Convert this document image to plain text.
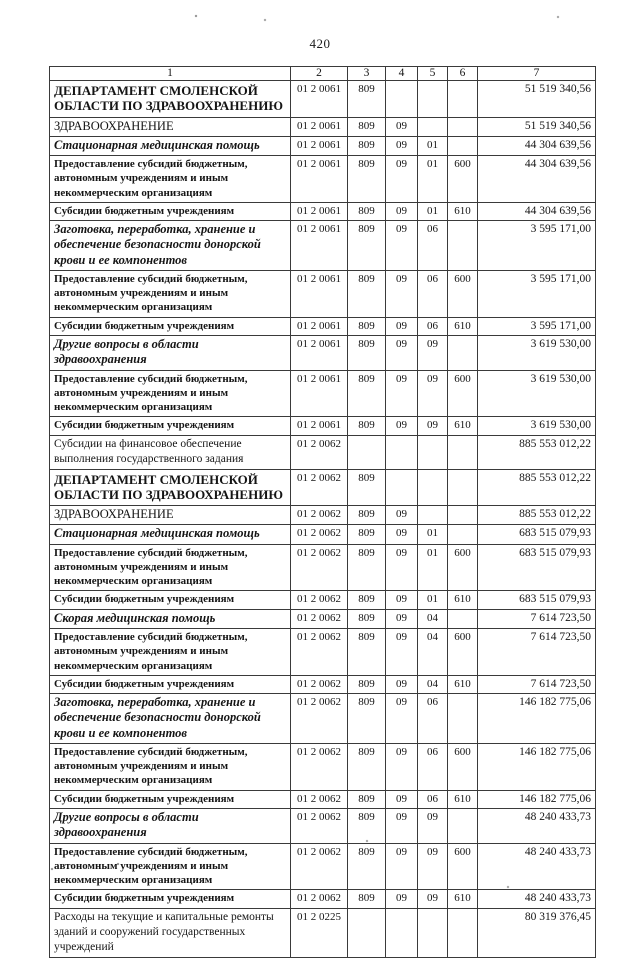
420
1	2	3	4	5	6	7
ДЕПАРТАМЕНТ СМОЛЕНСКОЙ ОБЛАСТИ ПО ЗДРАВООХРАНЕНИЮ	01 2 0061	809				51 519 340,56
ЗДРАВООХРАНЕНИЕ	01 2 0061	809	09			51 519 340,56
Стационарная медицинская помощь	01 2 0061	809	09	01		44 304 639,56
Предоставление субсидий бюджетным, автономным учреждениям и иным некоммерческим организациям	01 2 0061	809	09	01	600	44 304 639,56
Субсидии бюджетным учреждениям	01 2 0061	809	09	01	610	44 304 639,56
Заготовка, переработка, хранение и обеспечение безопасности донорской крови и ее компонентов	01 2 0061	809	09	06		3 595 171,00
Предоставление субсидий бюджетным, автономным учреждениям и иным некоммерческим организациям	01 2 0061	809	09	06	600	3 595 171,00
Субсидии бюджетным учреждениям	01 2 0061	809	09	06	610	3 595 171,00
Другие вопросы в области здравоохранения	01 2 0061	809	09	09		3 619 530,00
Предоставление субсидий бюджетным, автономным учреждениям и иным некоммерческим организациям	01 2 0061	809	09	09	600	3 619 530,00
Субсидии бюджетным учреждениям	01 2 0061	809	09	09	610	3 619 530,00
Субсидии на финансовое обеспечение выполнения государственного задания	01 2 0062					885 553 012,22
ДЕПАРТАМЕНТ СМОЛЕНСКОЙ ОБЛАСТИ ПО ЗДРАВООХРАНЕНИЮ	01 2 0062	809				885 553 012,22
ЗДРАВООХРАНЕНИЕ	01 2 0062	809	09			885 553 012,22
Стационарная медицинская помощь	01 2 0062	809	09	01		683 515 079,93
Предоставление субсидий бюджетным, автономным учреждениям и иным некоммерческим организациям	01 2 0062	809	09	01	600	683 515 079,93
Субсидии бюджетным учреждениям	01 2 0062	809	09	01	610	683 515 079,93
Скорая медицинская помощь	01 2 0062	809	09	04		7 614 723,50
Предоставление субсидий бюджетным, автономным учреждениям и иным некоммерческим организациям	01 2 0062	809	09	04	600	7 614 723,50
Субсидии бюджетным учреждениям	01 2 0062	809	09	04	610	7 614 723,50
Заготовка, переработка, хранение и обеспечение безопасности донорской крови и ее компонентов	01 2 0062	809	09	06		146 182 775,06
Предоставление субсидий бюджетным, автономным учреждениям и иным некоммерческим организациям	01 2 0062	809	09	06	600	146 182 775,06
Субсидии бюджетным учреждениям	01 2 0062	809	09	06	610	146 182 775,06
Другие вопросы в области здравоохранения	01 2 0062	809	09	09		48 240 433,73
Предоставление субсидий бюджетным, автономным учреждениям и иным некоммерческим организациям	01 2 0062	809	09	09	600	48 240 433,73
Субсидии бюджетным учреждениям	01 2 0062	809	09	09	610	48 240 433,73
Расходы на текущие и капитальные ремонты зданий и сооружений государственных учреждений	01 2 0225					80 319 376,45
